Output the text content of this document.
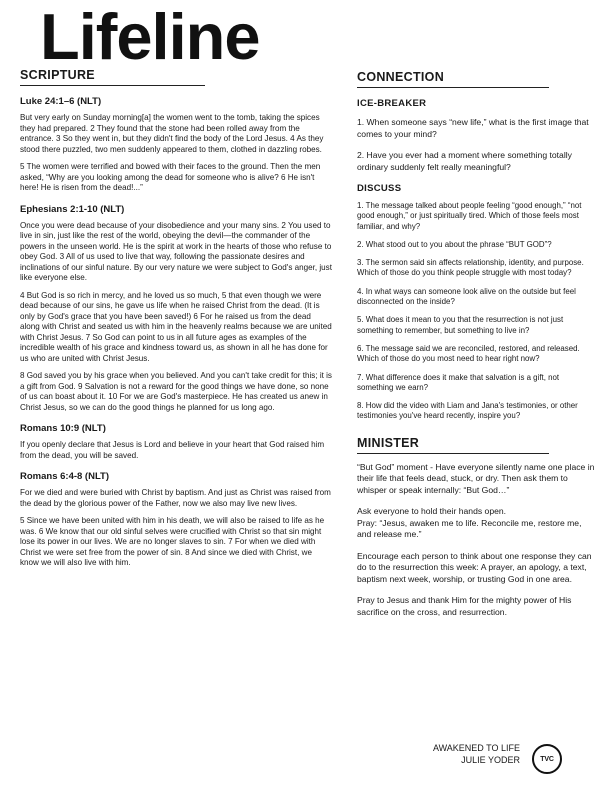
Lifeline
SCRIPTURE
Luke 24:1–6 (NLT)

But very early on Sunday morning[a] the women went to the tomb, taking the spices they had prepared. 2 They found that the stone had been rolled away from the entrance. 3 So they went in, but they didn't find the body of the Lord Jesus. 4 As they stood there puzzled, two men suddenly appeared to them, clothed in dazzling robes.

5 The women were terrified and bowed with their faces to the ground. Then the men asked, “Why are you looking among the dead for someone who is alive? 6 He isn't here! He is risen from the dead!...”

Ephesians 2:1-10 (NLT)

Once you were dead because of your disobedience and your many sins. 2 You used to live in sin, just like the rest of the world, obeying the devil—the commander of the powers in the unseen world. He is the spirit at work in the hearts of those who refuse to obey God. 3 All of us used to live that way, following the passionate desires and inclinations of our sinful nature. By our very nature we were subject to God's anger, just like everyone else.

4 But God is so rich in mercy, and he loved us so much, 5 that even though we were dead because of our sins, he gave us life when he raised Christ from the dead. (It is only by God's grace that you have been saved!) 6 For he raised us from the dead along with Christ and seated us with him in the heavenly realms because we are united with Christ Jesus. 7 So God can point to us in all future ages as examples of the incredible wealth of his grace and kindness toward us, as shown in all he has done for us who are united with Christ Jesus.

8 God saved you by his grace when you believed. And you can't take credit for this; it is a gift from God. 9 Salvation is not a reward for the good things we have done, so none of us can boast about it. 10 For we are God's masterpiece. He has created us anew in Christ Jesus, so we can do the good things he planned for us long ago.

Romans 10:9 (NLT)

If you openly declare that Jesus is Lord and believe in your heart that God raised him from the dead, you will be saved.

Romans 6:4-8 (NLT)

For we died and were buried with Christ by baptism. And just as Christ was raised from the dead by the glorious power of the Father, now we also may live new lives.

5 Since we have been united with him in his death, we will also be raised to life as he was. 6 We know that our old sinful selves were crucified with Christ so that sin might lose its power in our lives. We are no longer slaves to sin. 7 For when we died with Christ we were set free from the power of sin. 8 And since we died with Christ, we know we will also live with him.

CONNECTION
ICE-BREAKER

1. When someone says “new life,” what is the first image that comes to your mind?

2. Have you ever had a moment where something totally ordinary suddenly felt really meaningful?

DISCUSS

1. The message talked about people feeling “good enough,” “not good enough,” or just spiritually tired. Which of those feels most familiar, and why?

2. What stood out to you about the phrase “BUT GOD”?

3. The sermon said sin affects relationship, identity, and purpose. Which of those do you think people struggle with most today?

4. In what ways can someone look alive on the outside but feel disconnected on the inside?

5. What does it mean to you that the resurrection is not just something to remember, but something to live in?

6. The message said we are reconciled, restored, and released. Which of those do you most need to hear right now?

7. What difference does it make that salvation is a gift, not something we earn?

8. How did the video with Liam and Jana's testimonies, or other testimonies you've heard recently, inspire you?

MINISTER

“But God” moment - Have everyone silently name one place in their life that feels dead, stuck, or dry. Then ask them to whisper or speak internally: “But God…”

Ask everyone to hold their hands open.
Pray: “Jesus, awaken me to life. Reconcile me, restore me, and release me.”

Encourage each person to think about one response they can do to the resurrection this week: A prayer, an apology, a text, baptism next week, worship, or trusting God in one area.

Pray to Jesus and thank Him for the mighty power of His sacrifice on the cross, and resurrection.

AWAKENED TO LIFE
JULIE YODER	TVC
